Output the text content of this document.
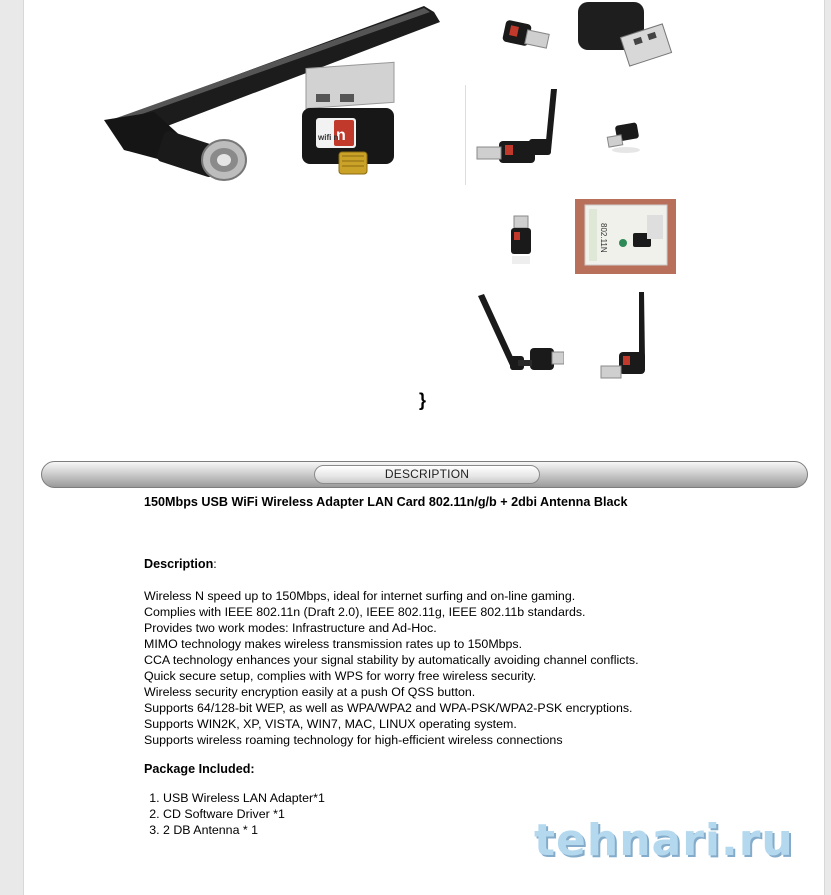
n
wifi n
802.11N
}
DESCRIPTION
150Mbps USB WiFi Wireless Adapter LAN Card 802.11n/g/b + 2dbi Antenna Black
Description:
Wireless N speed up to 150Mbps, ideal for internet surfing and on-line gaming.
Complies with IEEE 802.11n (Draft 2.0), IEEE 802.11g, IEEE 802.11b standards.
Provides two work modes: Infrastructure and Ad-Hoc.
MIMO technology makes wireless transmission rates up to 150Mbps.
CCA technology enhances your signal stability by automatically avoiding channel conflicts.
Quick secure setup, complies with WPS for worry free wireless security.
Wireless security encryption easily at a push Of QSS button.
Supports 64/128-bit WEP, as well as WPA/WPA2 and WPA-PSK/WPA2-PSK encryptions.
Supports WIN2K, XP, VISTA, WIN7, MAC, LINUX operating system.
Supports wireless roaming technology for high-efficient wireless connections
Package Included:
1. USB Wireless LAN Adapter*1
2. CD Software Driver *1
3. 2 DB Antenna * 1	tehnari.ru
